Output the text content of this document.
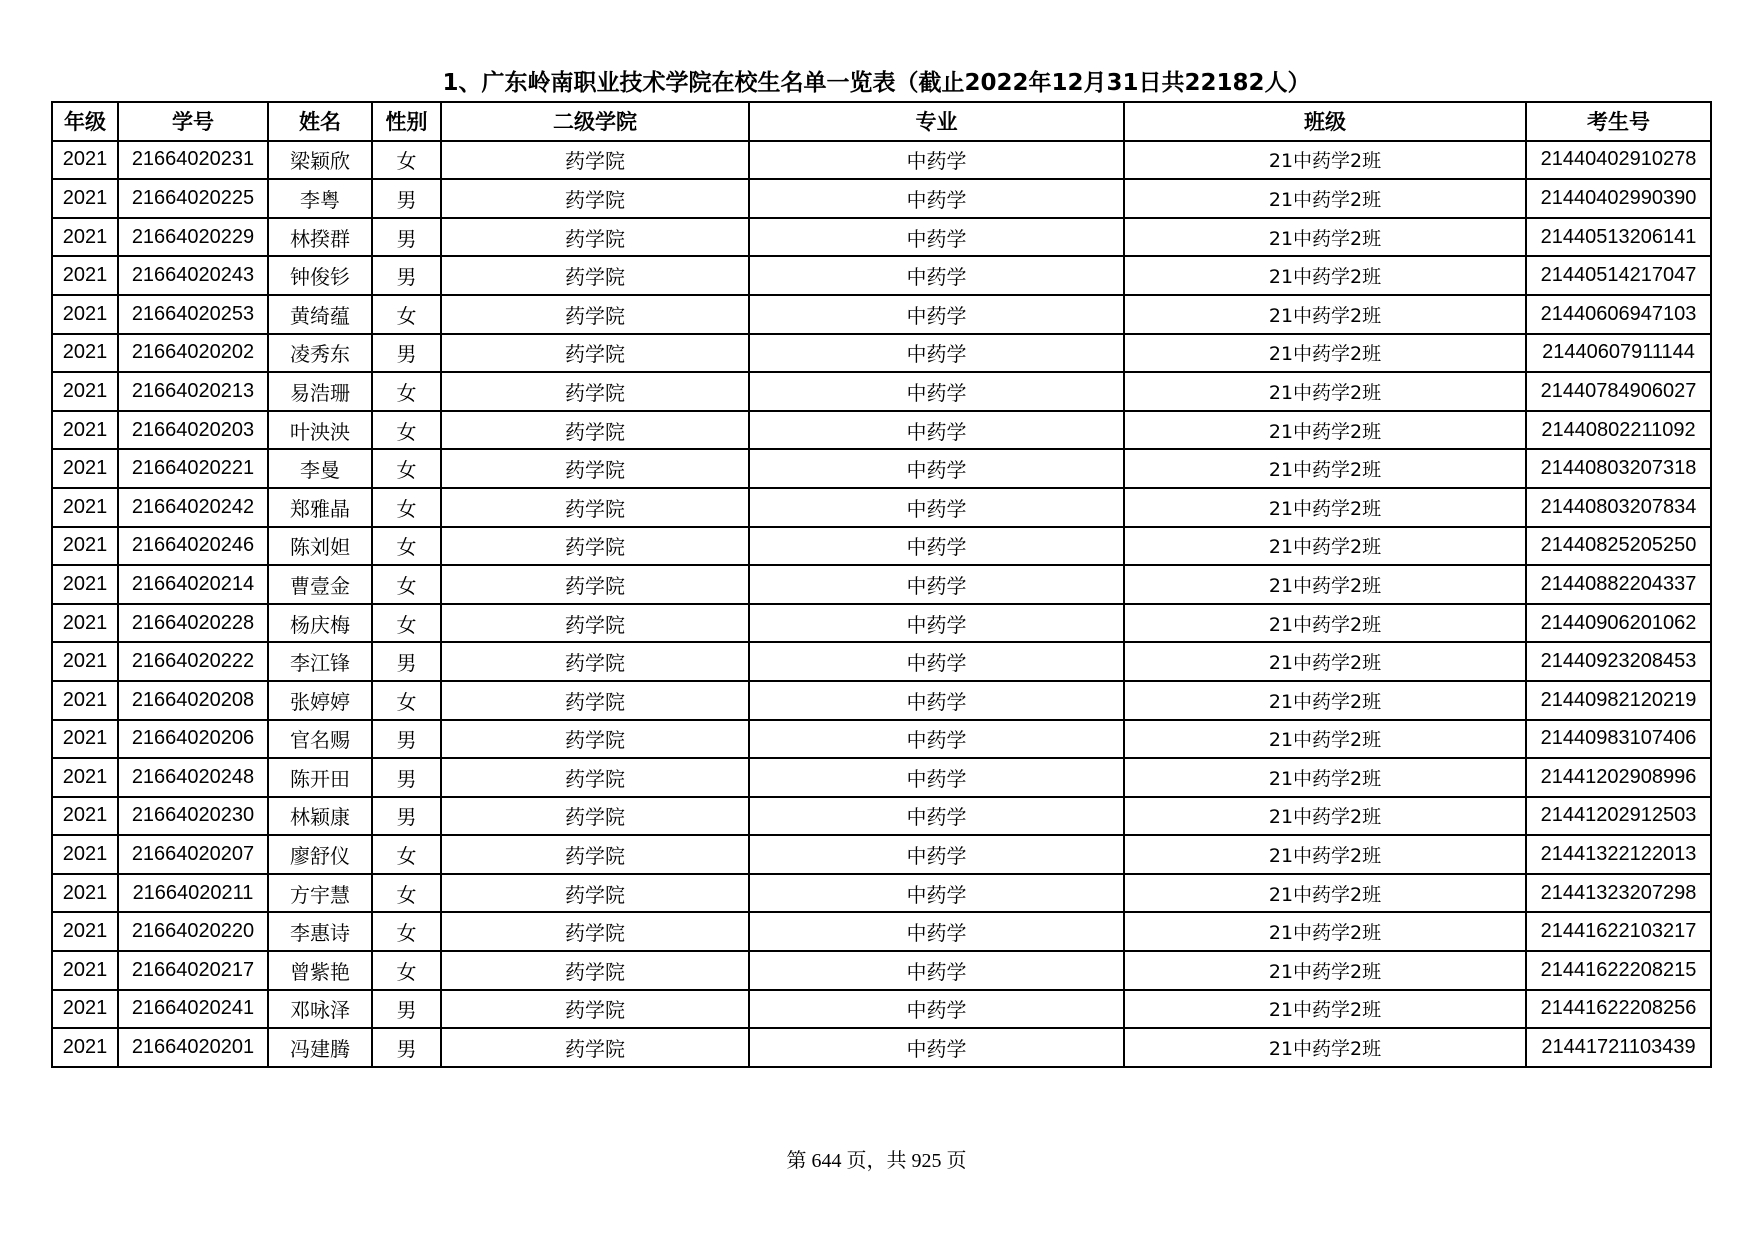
1、广东岭南职业技术学院在校生名单一览表（截止2022年12月31日共22182人）
年级	学号	姓名	性别	二级学院	专业	班级	考生号
2021	21664020231	梁颖欣	女	药学院	中药学	21中药学2班	21440402910278
2021	21664020225	李粤	男	药学院	中药学	21中药学2班	21440402990390
2021	21664020229	林揆群	男	药学院	中药学	21中药学2班	21440513206141
2021	21664020243	钟俊钐	男	药学院	中药学	21中药学2班	21440514217047
2021	21664020253	黄绮蕴	女	药学院	中药学	21中药学2班	21440606947103
2021	21664020202	凌秀东	男	药学院	中药学	21中药学2班	21440607911144
2021	21664020213	易浩珊	女	药学院	中药学	21中药学2班	21440784906027
2021	21664020203	叶泱泱	女	药学院	中药学	21中药学2班	21440802211092
2021	21664020221	李曼	女	药学院	中药学	21中药学2班	21440803207318
2021	21664020242	郑雅晶	女	药学院	中药学	21中药学2班	21440803207834
2021	21664020246	陈刘妲	女	药学院	中药学	21中药学2班	21440825205250
2021	21664020214	曹壹金	女	药学院	中药学	21中药学2班	21440882204337
2021	21664020228	杨庆梅	女	药学院	中药学	21中药学2班	21440906201062
2021	21664020222	李江锋	男	药学院	中药学	21中药学2班	21440923208453
2021	21664020208	张婷婷	女	药学院	中药学	21中药学2班	21440982120219
2021	21664020206	官名赐	男	药学院	中药学	21中药学2班	21440983107406
2021	21664020248	陈开田	男	药学院	中药学	21中药学2班	21441202908996
2021	21664020230	林颖康	男	药学院	中药学	21中药学2班	21441202912503
2021	21664020207	廖舒仪	女	药学院	中药学	21中药学2班	21441322122013
2021	21664020211	方宇慧	女	药学院	中药学	21中药学2班	21441323207298
2021	21664020220	李惠诗	女	药学院	中药学	21中药学2班	21441622103217
2021	21664020217	曾紫艳	女	药学院	中药学	21中药学2班	21441622208215
2021	21664020241	邓咏泽	男	药学院	中药学	21中药学2班	21441622208256
2021	21664020201	冯建腾	男	药学院	中药学	21中药学2班	21441721103439
第 644 页，共 925 页
